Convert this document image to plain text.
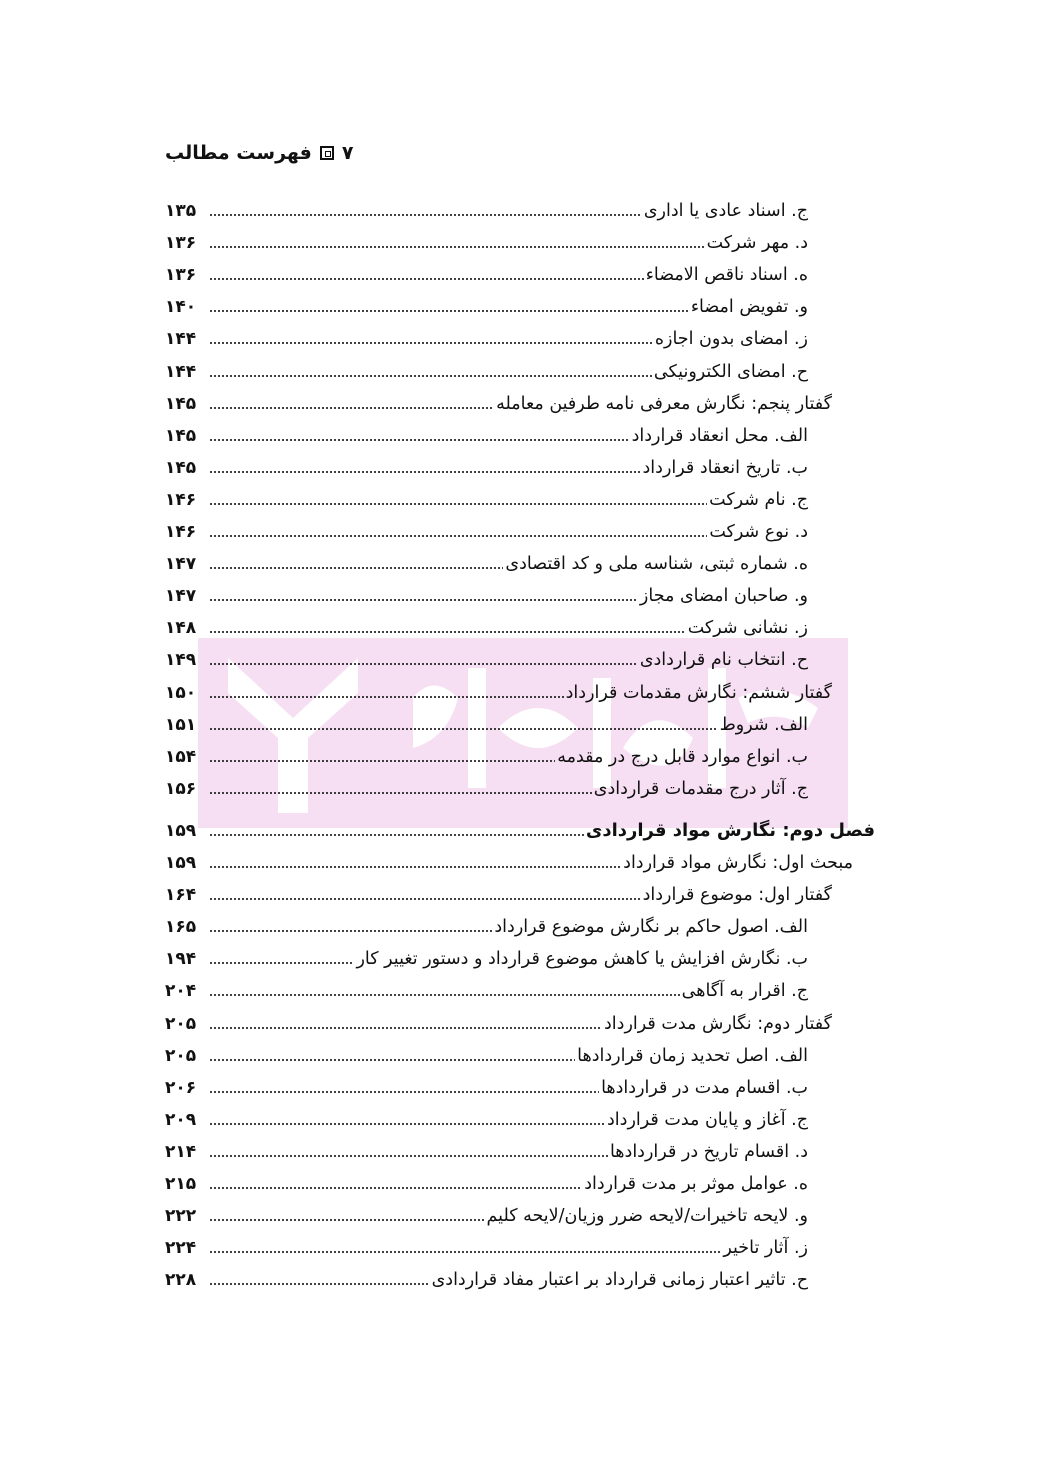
۷
فهرست مطالب
ج. اسناد عادی یا اداری
۱۳۵
د. مهر شرکت
۱۳۶
ه. اسناد ناقص الامضاء
۱۳۶
و. تفویض امضاء
۱۴۰
ز. امضای بدون اجازه
۱۴۴
ح. امضای الکترونیکی
۱۴۴
گفتار پنجم: نگارش معرفی نامه طرفین معامله
۱۴۵
الف. محل انعقاد قرارداد
۱۴۵
ب. تاریخ انعقاد قرارداد
۱۴۵
ج. نام شرکت
۱۴۶
د. نوع شرکت
۱۴۶
ه. شماره ثبتی، شناسه ملی و کد اقتصادی
۱۴۷
و. صاحبان امضای مجاز
۱۴۷
ز. نشانی شرکت
۱۴۸
ح. انتخاب نام قراردادی
۱۴۹
گفتار ششم: نگارش مقدمات قرارداد
۱۵۰
الف. شروط
۱۵۱
ب. انواع موارد قابل درج در مقدمه
۱۵۴
ج. آثار درج مقدمات قراردادی
۱۵۶
فصل دوم: نگارش مواد قراردادی
۱۵۹
مبحث اول: نگارش مواد قرارداد
۱۵۹
گفتار اول: موضوع قرارداد
۱۶۴
الف. اصول حاکم بر نگارش موضوع قرارداد
۱۶۵
ب. نگارش افزایش یا کاهش موضوع قرارداد و دستور تغییر کار
۱۹۴
ج. اقرار به آگاهی
۲۰۴
گفتار دوم: نگارش مدت قرارداد
۲۰۵
الف. اصل تحدید زمان قراردادها
۲۰۵
ب. اقسام مدت در قراردادها
۲۰۶
ج. آغاز و پایان مدت قرارداد
۲۰۹
د. اقسام تاریخ در قراردادها
۲۱۴
ه. عوامل موثر بر مدت قرارداد
۲۱۵
و. لایحه تاخیرات/لایحه ضرر وزیان/لایحه کلیم
۲۲۲
ز. آثار تاخیر
۲۲۴
ح. تاثیر اعتبار زمانی قرارداد بر اعتبار مفاد قراردادی
۲۲۸
